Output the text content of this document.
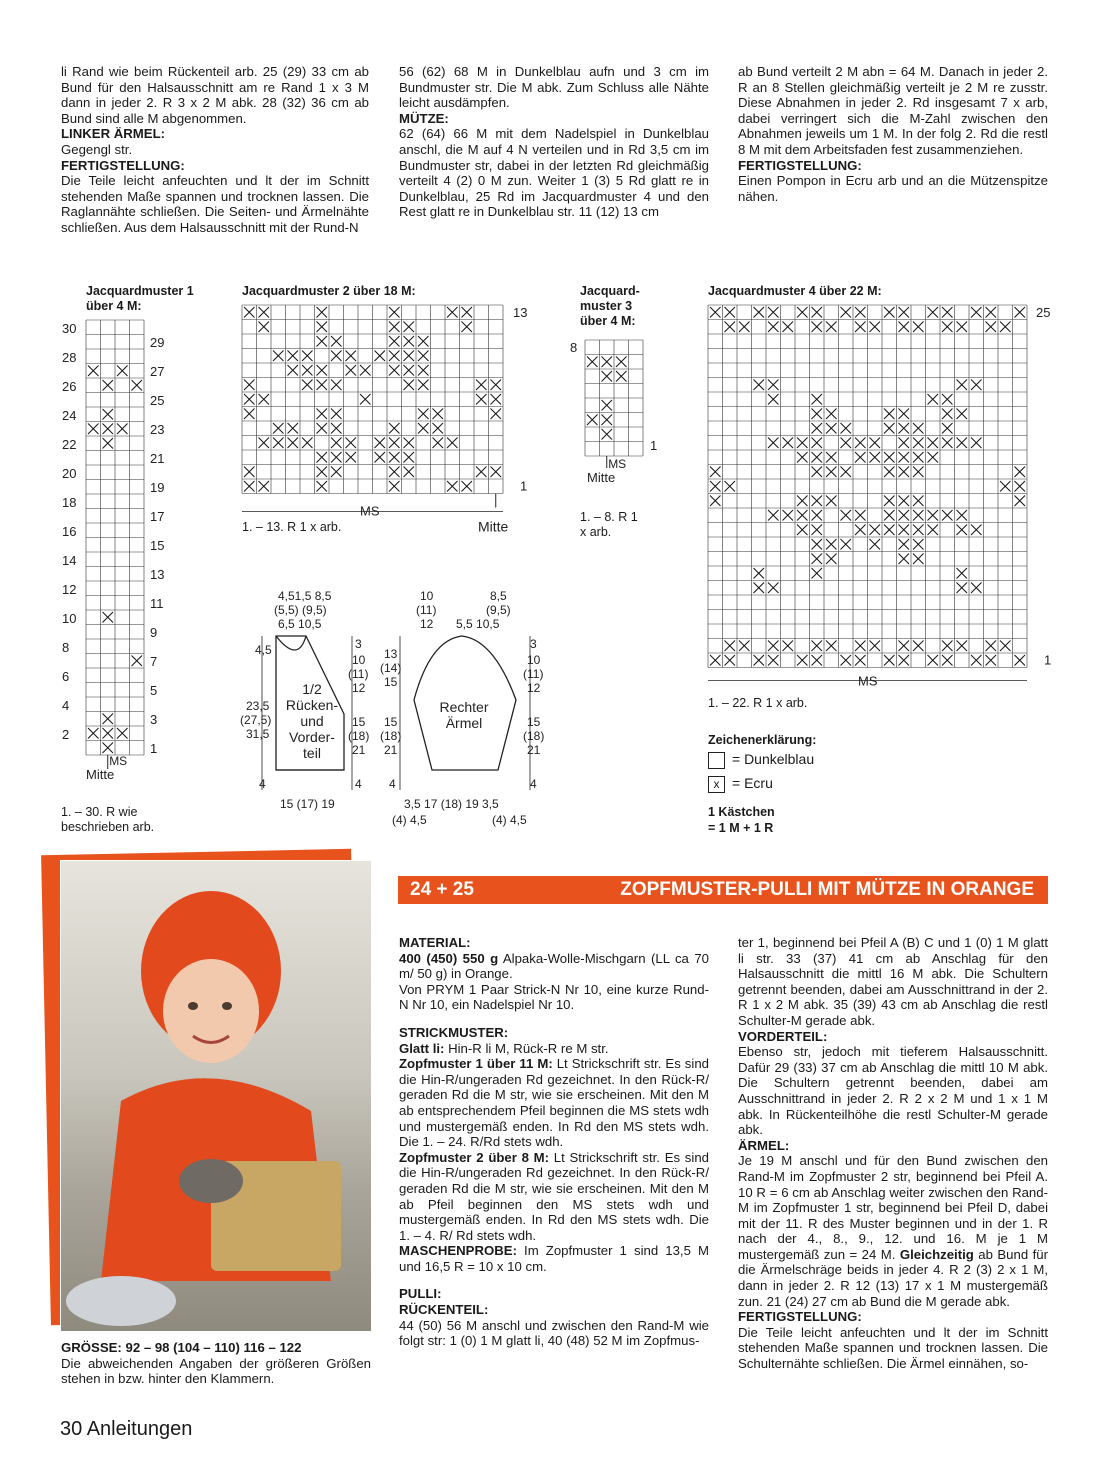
li Rand wie beim Rückenteil arb. 25 (29) 33 cm ab Bund für den Halsausschnitt am re Rand 1 x 3 M dann in jeder 2. R 3 x 2 M abk. 28 (32) 36 cm ab Bund sind alle M abgenommen.

LINKER ÄRMEL:

Gegengl str.

FERTIGSTELLUNG:

Die Teile leicht anfeuchten und lt der im Schnitt stehenden Maße spannen und trocknen lassen. Die Raglannähte schließen. Die Seiten- und Ärmelnähte schließen. Aus dem Halsausschnitt mit der Rund-N

56 (62) 68 M in Dunkelblau aufn und 3 cm im Bundmuster str. Die M abk. Zum Schluss alle Nähte leicht ausdämpfen.

MÜTZE:

62 (64) 66 M mit dem Nadelspiel in Dunkelblau anschl, die M auf 4 N verteilen und in Rd 3,5 cm im Bundmuster str, dabei in der letzten Rd gleichmäßig verteilt 4 (2) 0 M zun. Weiter 1 (3) 5 Rd glatt re in Dunkelblau, 25 Rd im Jacquardmuster 4 und den Rest glatt re in Dunkelblau str. 11 (12) 13 cm

ab Bund verteilt 2 M abn = 64 M. Danach in jeder 2. R an 8 Stellen gleichmäßig verteilt je 2 M re zusstr. Diese Abnahmen in jeder 2. Rd insgesamt 7 x arb, dabei verringert sich die M-Zahl zwischen den Abnahmen jeweils um 1 M. In der folg 2. Rd die restl 8 M mit dem Arbeitsfaden fest zusammenziehen.

FERTIGSTELLUNG:

Einen Pompon in Ecru arb und an die Mützenspitze nähen.

Jacquardmuster 1 über 4 M:
Jacquardmuster 2 über 18 M:	Jacquard- muster 3 über 4 M:
Jacquardmuster 4 über 22 M:
1. – 30. R wie beschrieben arb.
1. – 13. R 1 x arb.
1. – 8. R 1 x arb.
1. – 22. R 1 x arb.
Zeichenerklärung:
= Dunkelblau
x = Ecru
1 Kästchen
= 1 M + 1 R
30
28
26
24
22
20
18
16
14
12
10
8
6
4
2
29
27
25
23
21
19
17
15
13
11
9
7
5
3
1
MS
Mitte
13
1
MS
Mitte
8
1
MS
Mitte
25
1
MS
4,51,5 8,5
(5,5) (9,5)
6,5 10,5
4,5
23,5
(27,5)
31,5
4
3
10
(11)
12
15
(18)
21
4
15 (17) 19
1/2
Rücken-
und
Vorder-
teil
10
(11)
12
8,5
(9,5)
5,5 10,5
13
(14)
15
15
(18)
21
4
3
10
(11)
12
15
(18)
21
4
3,5 17 (18) 19 3,5
(4) 4,5	(4) 4,5
Rechter
Ärmel
24 + 25	ZOPFMUSTER-PULLI MIT MÜTZE IN ORANGE

GRÖSSE: 92 – 98 (104 – 110) 116 – 122

Die abweichenden Angaben der größeren Größen stehen in bzw. hinter den Klammern.

MATERIAL:

400 (450) 550 g Alpaka-Wolle-Mischgarn (LL ca 70 m/ 50 g) in Orange.

Von PRYM 1 Paar Strick-N Nr 10, eine kurze Rund-N Nr 10, ein Nadelspiel Nr 10.

STRICKMUSTER:

Glatt li: Hin-R li M, Rück-R re M str.

Zopfmuster 1 über 11 M: Lt Strickschrift str. Es sind die Hin-R/ungeraden Rd gezeichnet. In den Rück-R/ geraden Rd die M str, wie sie erscheinen. Mit den M ab entsprechendem Pfeil beginnen die MS stets wdh und mustergemäß enden. In Rd den MS stets wdh. Die 1. – 24. R/Rd stets wdh.

Zopfmuster 2 über 8 M: Lt Strickschrift str. Es sind die Hin-R/ungeraden Rd gezeichnet. In den Rück-R/ geraden Rd die M str, wie sie erscheinen. Mit den M ab Pfeil beginnen den MS stets wdh und mustergemäß enden. In Rd den MS stets wdh. Die 1. – 4. R/ Rd stets wdh.

MASCHENPROBE: Im Zopfmuster 1 sind 13,5 M und 16,5 R = 10 x 10 cm.

PULLI:

RÜCKENTEIL:

44 (50) 56 M anschl und zwischen den Rand-M wie folgt str: 1 (0) 1 M glatt li, 40 (48) 52 M im Zopfmus-

ter 1, beginnend bei Pfeil A (B) C und 1 (0) 1 M glatt li str. 33 (37) 41 cm ab Anschlag für den Halsausschnitt die mittl 16 M abk. Die Schultern getrennt beenden, dabei am Ausschnittrand in der 2. R 1 x 2 M abk. 35 (39) 43 cm ab Anschlag die restl Schulter-M gerade abk.

VORDERTEIL:

Ebenso str, jedoch mit tieferem Halsausschnitt. Dafür 29 (33) 37 cm ab Anschlag die mittl 10 M abk. Die Schultern getrennt beenden, dabei am Ausschnittrand in jeder 2. R 2 x 2 M und 1 x 1 M abk. In Rückenteilhöhe die restl Schulter-M gerade abk.

ÄRMEL:

Je 19 M anschl und für den Bund zwischen den Rand-M im Zopfmuster 2 str, beginnend bei Pfeil A. 10 R = 6 cm ab Anschlag weiter zwischen den Rand-M im Zopfmuster 1 str, beginnend bei Pfeil D, dabei mit der 11. R des Muster beginnen und in der 1. R nach der 4., 8., 9., 12. und 16. M je 1 M mustergemäß zun = 24 M. Gleichzeitig ab Bund für die Ärmelschräge beids in jeder 4. R 2 (3) 2 x 1 M, dann in jeder 2. R 12 (13) 17 x 1 M mustergemäß zun. 21 (24) 27 cm ab Bund die M gerade abk.

FERTIGSTELLUNG:

Die Teile leicht anfeuchten und lt der im Schnitt stehenden Maße spannen und trocknen lassen. Die Schulternähte schließen. Die Ärmel einnähen, so-

30 Anleitungen
